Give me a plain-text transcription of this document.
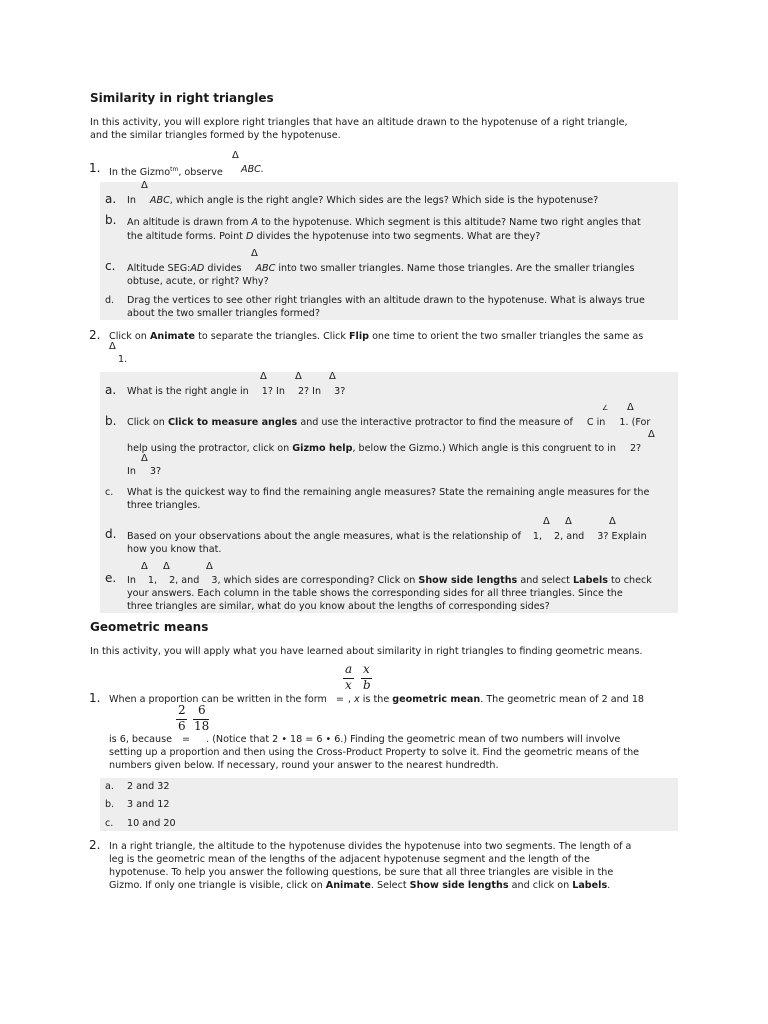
Similarity in right triangles
In this activity, you will explore right triangles that have an altitude drawn to the hypotenuse of a right triangle,
and the similar triangles formed by the hypotenuse.
1.
Δ
In the Gizmo$^{tm}$, observe ABC.
Δ
a. In ABC, which angle is the right angle? Which sides are the legs? Which side is the hypotenuse?
b. An altitude is drawn from A to the hypotenuse. Which segment is this altitude? Name two right angles that
the altitude forms. Point D divides the hypotenuse into two segments. What are they?
Δ
c. Altitude SEG:AD divides ABC into two smaller triangles. Name those triangles. Are the smaller triangles
obtuse, acute, or right? Why?
d. Drag the vertices to see other right triangles with an altitude drawn to the hypotenuse. What is always true
about the two smaller triangles formed?
2. Click on Animate to separate the triangles. Click Flip one time to orient the two smaller triangles the same as
Δ
1.
Δ	Δ	Δ
a. What is the right angle in 1? In 2? In 3?
∠ Δ
b. Click on Click to measure angles and use the interactive protractor to find the measure of C in 1. (For
Δ
help using the protractor, click on Gizmo help, below the Gizmo.) Which angle is this congruent to in 2?
Δ
In 3?
c. What is the quickest way to find the remaining angle measures? State the remaining angle measures for the
three triangles.
Δ Δ	Δ
d. Based on your observations about the angle measures, what is the relationship of 1, 2, and 3? Explain
how you know that.
Δ Δ	Δ
e. In 1, 2, and 3, which sides are corresponding? Click on Show side lengths and select Labels to check
your answers. Each column in the table shows the corresponding sides for all three triangles. Since the
three triangles are similar, what do you know about the lengths of corresponding sides?
Geometric means
In this activity, you will apply what you have learned about similarity in right triangles to finding geometric means.
a
x
x
b
1. When a proportion can be written in the form = , x is the geometric mean. The geometric mean of 2 and 18
2
6
6
18
is 6, because = . (Notice that 2 • 18 = 6 • 6.) Finding the geometric mean of two numbers will involve
setting up a proportion and then using the Cross-Product Property to solve it. Find the geometric means of the
numbers given below. If necessary, round your answer to the nearest hundredth.
a. 2 and 32
b. 3 and 12
c. 10 and 20
2. In a right triangle, the altitude to the hypotenuse divides the hypotenuse into two segments. The length of a
leg is the geometric mean of the lengths of the adjacent hypotenuse segment and the length of the
hypotenuse. To help you answer the following questions, be sure that all three triangles are visible in the
Gizmo. If only one triangle is visible, click on Animate. Select Show side lengths and click on Labels.
